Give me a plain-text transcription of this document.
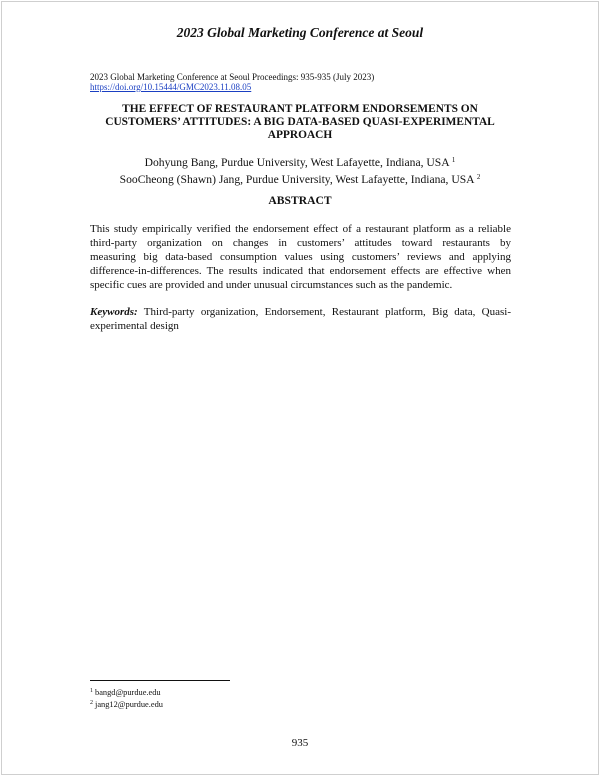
2023 Global Marketing Conference at Seoul
2023 Global Marketing Conference at Seoul Proceedings: 935-935 (July 2023)
https://doi.org/10.15444/GMC2023.11.08.05
THE EFFECT OF RESTAURANT PLATFORM ENDORSEMENTS ON
CUSTOMERS’ ATTITUDES: A BIG DATA-BASED QUASI-EXPERIMENTAL
APPROACH
Dohyung Bang, Purdue University, West Lafayette, Indiana, USA $^1$
SooCheong (Shawn) Jang, Purdue University, West Lafayette, Indiana, USA $^2$
ABSTRACT
This study empirically verified the endorsement effect of a restaurant platform as a reliable
third-party organization on changes in customers’ attitudes toward restaurants by
measuring big data-based consumption values using customers’ reviews and applying
difference-in-differences. The results indicated that endorsement effects are effective when
specific cues are provided and under unusual circumstances such as the pandemic.
Keywords: Third-party organization, Endorsement, Restaurant platform, Big data, Quasi-
experimental design
$^1$ bangd@purdue.edu
$^2$ jang12@purdue.edu
935
